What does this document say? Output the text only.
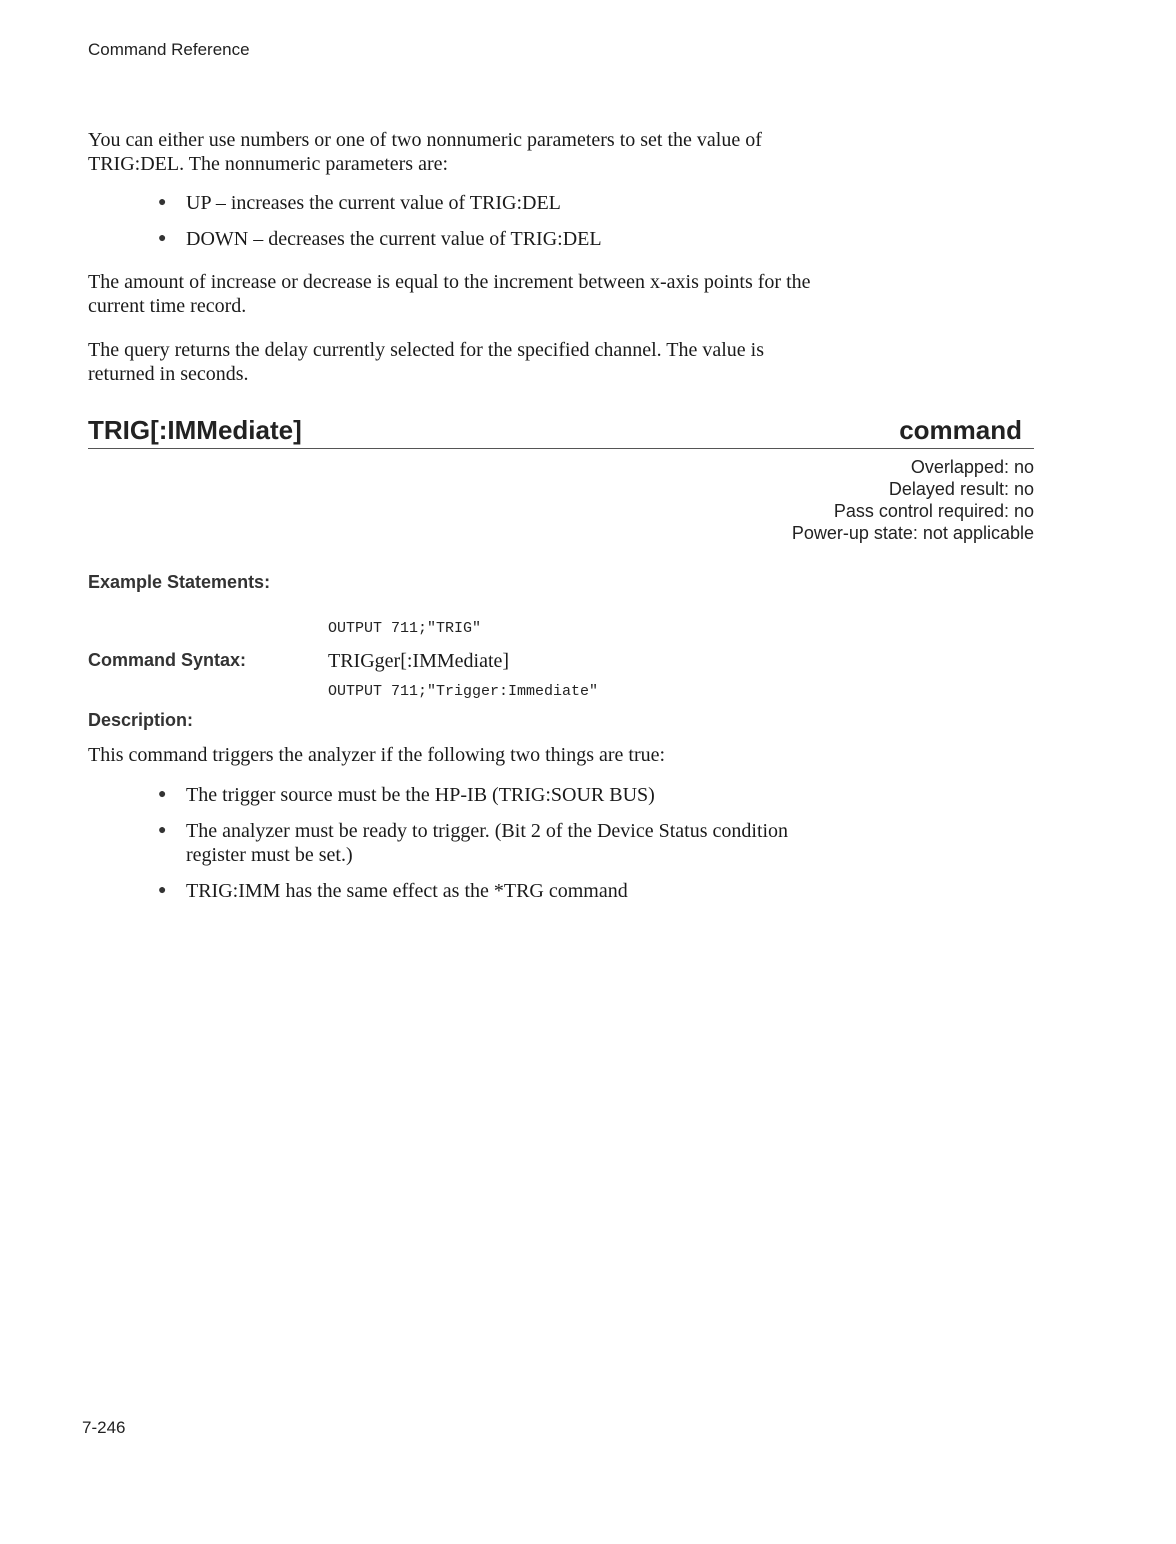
Command Reference
You can either use numbers or one of two nonnumeric parameters to set the value of
TRIG:DEL. The nonnumeric parameters are:
● UP – increases the current value of TRIG:DEL
● DOWN – decreases the current value of TRIG:DEL
The amount of increase or decrease is equal to the increment between x-axis points for the
current time record.
The query returns the delay currently selected for the specified channel. The value is
returned in seconds.
TRIG[:IMMediate]	command
Overlapped: no
Delayed result: no
Pass control required: no
Power-up state: not applicable
Example Statements:

OUTPUT 711;"TRIG"

OUTPUT 711;"Trigger:Immediate"

Command Syntax:	TRIGger[:IMMediate]
Description:
This command triggers the analyzer if the following two things are true:
● The trigger source must be the HP-IB (TRIG:SOUR BUS)
● The analyzer must be ready to trigger. (Bit 2 of the Device Status condition
register must be set.)
● TRIG:IMM has the same effect as the *TRG command
7-246
